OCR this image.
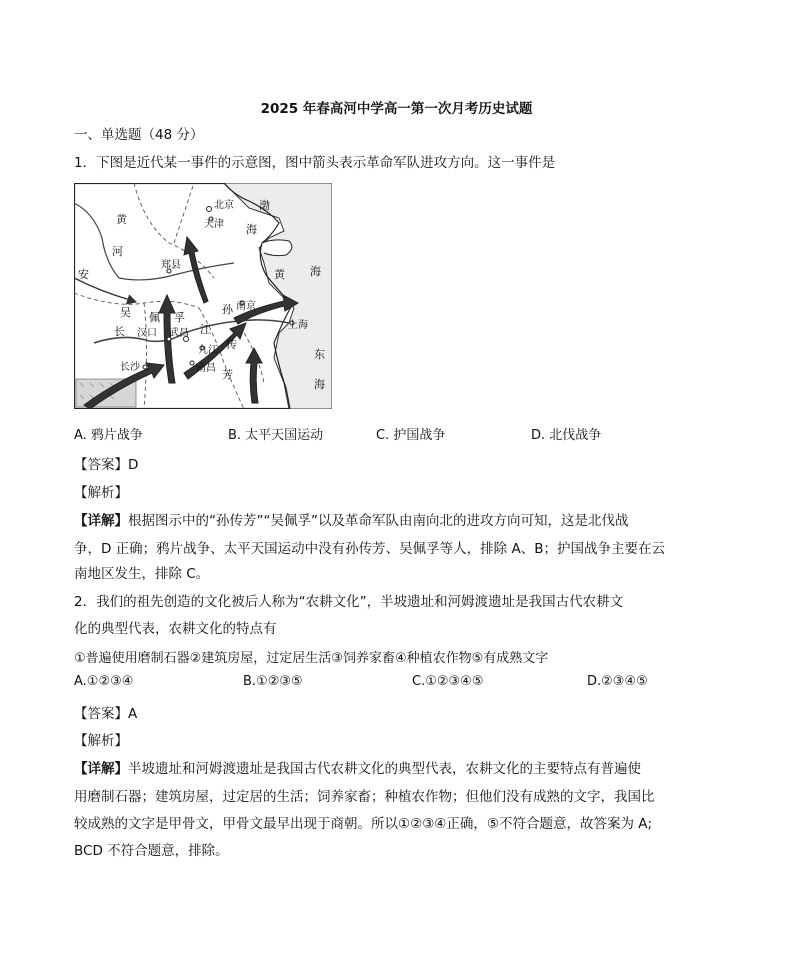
2025 年春高河中学高一第一次月考历史试题
一、单选题（48 分）
1．下图是近代某一事件的示意图，图中箭头表示革命军队进攻方向。这一事件是
北京
天津
渤
海
黄
河
郑县
安	黄 海
吴
长
佩 孚
汉口 武昌 江
孙 南京
上海
传
九江
长沙	南昌 芳
东
海
A. 鸦片战争	B. 太平天国运动	C. 护国战争	D. 北伐战争
【答案】D
【解析】
【详解】根据图示中的“孙传芳”“吴佩孚”以及革命军队由南向北的进攻方向可知，这是北伐战
争，D 正确；鸦片战争、太平天国运动中没有孙传芳、吴佩孚等人，排除 A、B；护国战争主要在云
南地区发生，排除 C。
2．我们的祖先创造的文化被后人称为“农耕文化”，半坡遗址和河姆渡遗址是我国古代农耕文
化的典型代表，农耕文化的特点有
①普遍使用磨制石器②建筑房屋，过定居生活③饲养家畜④种植农作物⑤有成熟文字
A.①②③④	B.①②③⑤	C.①②③④⑤	D.②③④⑤
【答案】A
【解析】
【详解】半坡遗址和河姆渡遗址是我国古代农耕文化的典型代表，农耕文化的主要特点有普遍使
用磨制石器；建筑房屋，过定居的生活；饲养家畜；种植农作物；但他们没有成熟的文字，我国比
较成熟的文字是甲骨文，甲骨文最早出现于商朝。所以①②③④正确，⑤不符合题意，故答案为 A;
BCD 不符合题意，排除。
